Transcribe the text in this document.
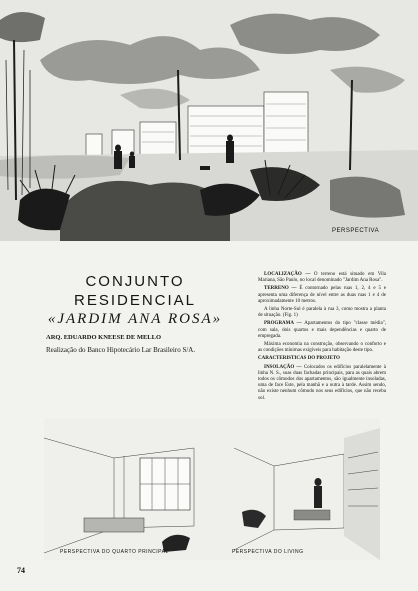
PERSPECTIVA
CONJUNTO RESIDENCIAL
«JARDIM ANA ROSA»
ARQ. EDUARDO KNEESE DE MELLO
Realização do Banco Hipotecário Lar Brasileiro S/A.

LOCALIZAÇÃO — O terreno está situado em Vila Mariana, São Paulo, no local denominado "Jardim Ana Rosa".

TERRENO — É contornado pelas ruas 1, 2, 4 e 5 e apresenta uma diferença de nível entre as duas ruas 1 e 4 de aproximadamente 10 metros.

A linha Norte-Sul é paralela à rua 3, como mostra a planta de situação. (Fig. 1)

PROGRAMA — Apartamentos do tipo "classe média", com sala, dois quartos e mais dependências e quarto de empregada.

Máxima economia na construção, observando o conforto e as condições mínimas exigíveis para habitação deste tipo.

CARACTERISTICAS DO PROJETO

INSOLAÇÃO — Colocados os edifícios paralelamente à linha N. S., suas duas fachadas principais, para as quais abrem todos os cômodos dos apartamentos, são igualmente insoladas, uma de face Este, pela manhã e a outra à tarde. Assim sendo, não existe nenhum cômodo nos seus edifícios, que não receba sol.

PERSPECTIVA DO QUARTO PRINCIPAL	PERSPECTIVA DO LIVING
74
